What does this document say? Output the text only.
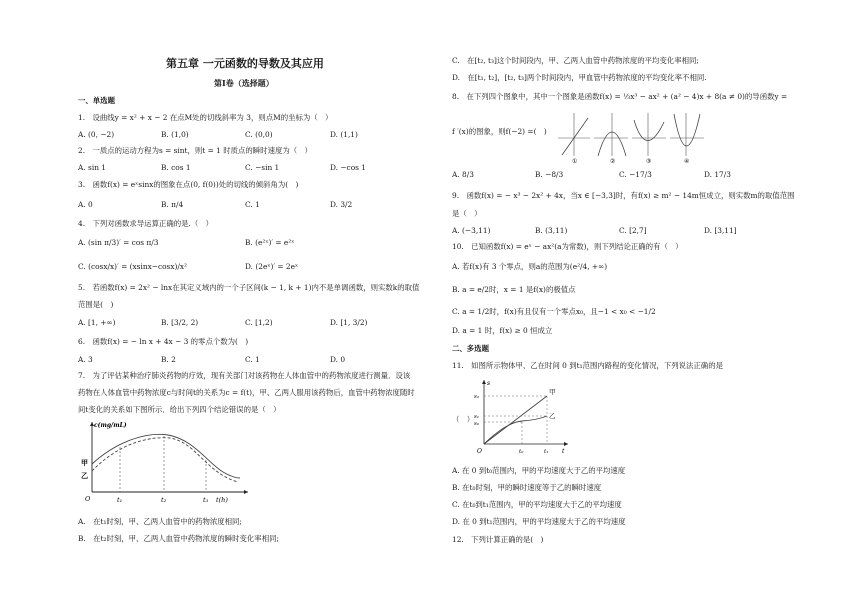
第五章 一元函数的导数及其应用
第I卷（选择题）
一、单选题
1.　设曲线y = x² + x − 2 在点M处的切线斜率为 3，则点M的坐标为（　）
A. (0, −2)	B. (1,0)	C. (0,0)	D. (1,1)
2.　一质点的运动方程为s = sint，则t = 1 时质点的瞬时速度为（　）
A. sin 1	B. cos 1	C. −sin 1	D. −cos 1
3.　函数f(x) = eˣsinx的图象在点(0, f(0))处的切线的倾斜角为(　)
A. 0	B. π/4	C. 1	D. 3/2
4.　下列对函数求导运算正确的是.（　）
A. (sin π/3)′ = cos π/3	B. (e²ˣ)′ = e²ˣ
C. (cosx/x)′ = (xsinx−cosx)/x²	D. (2eˣ)′ = 2eˣ
5.　若函数f(x) = 2x² − lnx在其定义域内的一个子区间(k − 1, k + 1)内不是单调函数，则实数k的取值
范围是(　)
A. [1, +∞)	B. [3/2, 2)	C. [1,2)	D. [1, 3/2)
6.　函数f(x) = − ln x + 4x − 3 的零点个数为(　)
A. 3	B. 2	C. 1	D. 0
7.　为了评估某种治疗肺炎药物的疗效，现有关部门对该药物在人体血管中的药物浓度进行测量．设该
药物在人体血管中药物浓度c与时间t的关系为c = f(t)，甲、乙两人服用该药物后，血管中药物浓度随时
间t变化的关系如下图所示．给出下列四个结论错误的是（　）
c(mg/mL)
甲
乙
O	t₁	t₂	t₃ t(h)
A.　在t₁时刻，甲、乙两人血管中的药物浓度相同;
B.　在t₂时刻，甲、乙两人血管中药物浓度的瞬时变化率相同;
C.　在[t₂, t₃]这个时间段内，甲、乙两人血管中药物浓度的平均变化率相同;
D.　在[t₁, t₂]，[t₂, t₃]两个时间段内，甲血管中药物浓度的平均变化率不相同.
8.　在下列四个图象中，其中一个图象是函数f(x) = ⅓x³ − ax² + (a² − 4)x + 8(a ≠ 0)的导函数y =
f ′(x)的图象，则f(−2) =(　)
①	②	③	④
A. 8/3	B. −8/3	C. −17/3	D. 17/3
9.　函数f(x) = − x³ − 2x² + 4x，当x ∈ [−3,3]时，有f(x) ≥ m² − 14m恒成立，则实数m的取值范围
是（　）
A. (−3,11)	B. (3,11)	C. [2,7]	D. [3,11]
10.　已知函数f(x) = eˣ − ax²(a为常数)，则下列结论正确的有（　）
A. 若f(x)有 3 个零点，则a的范围为(e²/4, +∞)
B. a = e/2时，x = 1 是f(x)的极值点
C. a = 1/2时，f(x)有且仅有一个零点x₀，且−1 < x₀ < −1/2
D. a = 1 时，f(x) ≥ 0 恒成立
二、多选题
11.　如图所示物体甲、乙在时间 0 到t₁范围内路程的变化情况，下列说法正确的是
（　）
s
s₂
s₁
s₀
甲
乙
O	t₀	t₁ t
A. 在 0 到t₀范围内，甲的平均速度大于乙的平均速度
B. 在t₀时刻，甲的瞬时速度等于乙的瞬时速度
C. 在t₀到t₁范围内，甲的平均速度大于乙的平均速度
D. 在 0 到t₁范围内，甲的平均速度大于乙的平均速度
12.　下列计算正确的是(　)
